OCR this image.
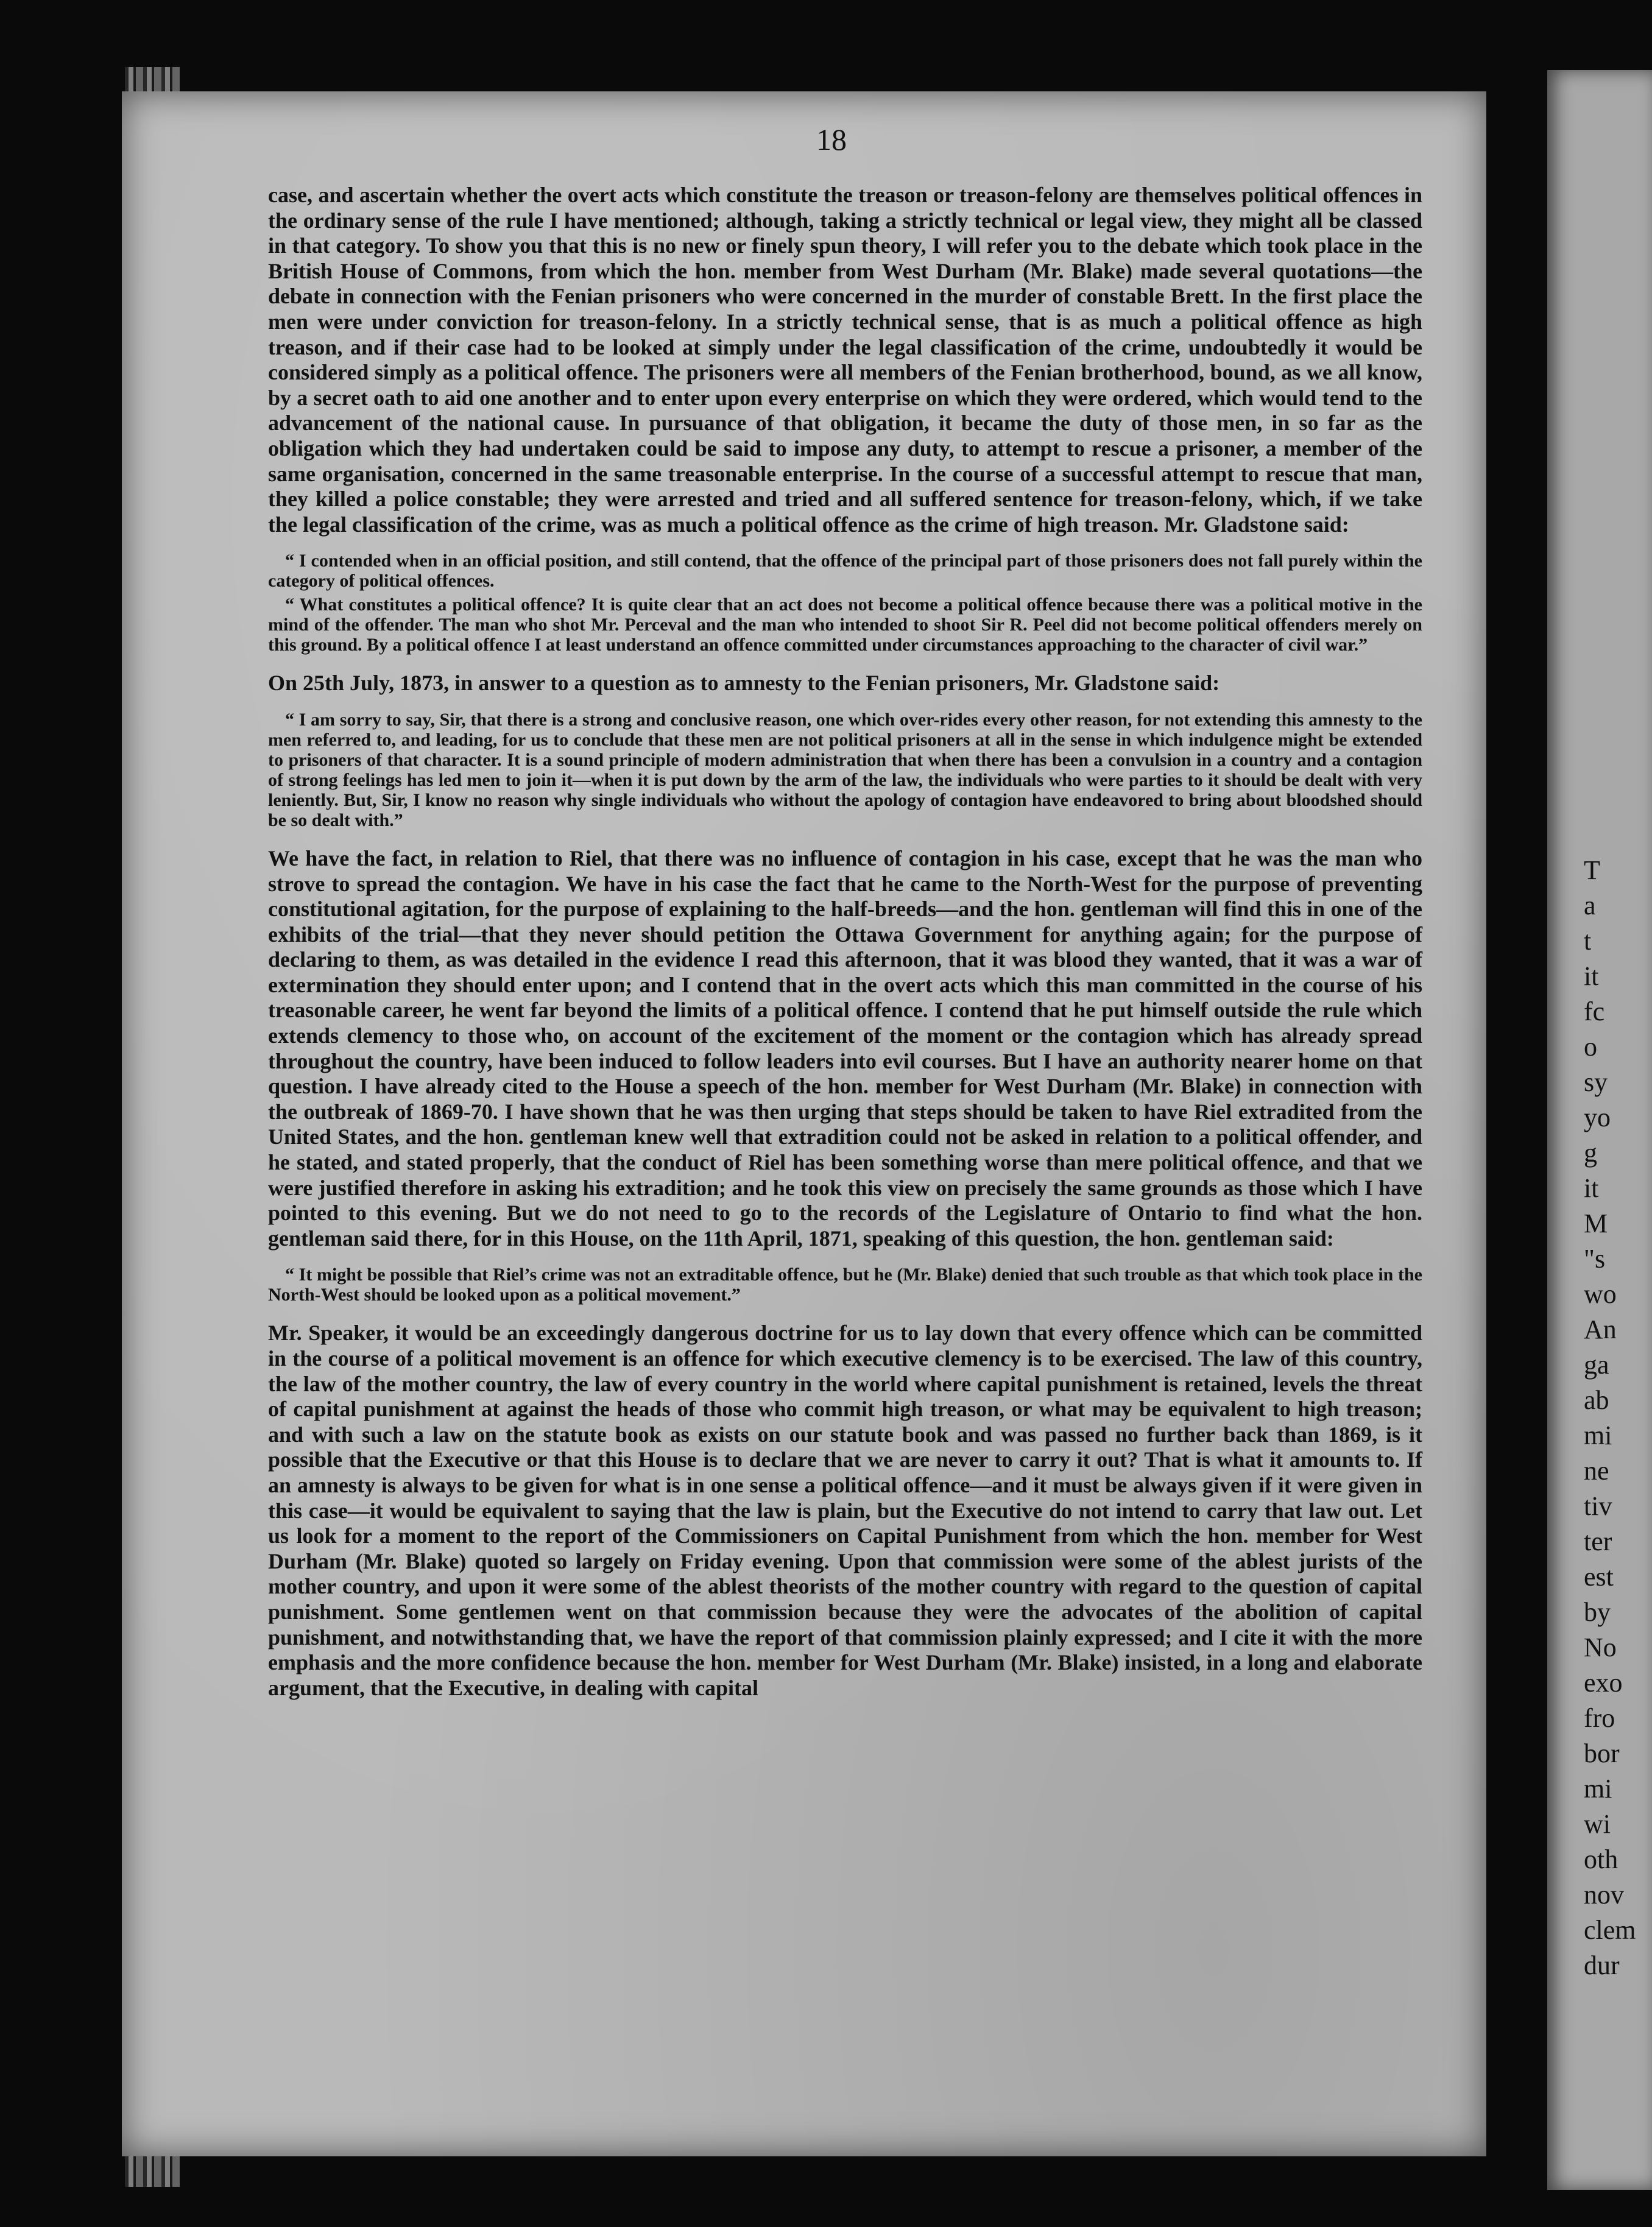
T
a
t
it
fc
o
sy
yo
g
it
M
"s
wo
An
ga
ab
mi
ne
tiv
ter
est
by
No
exo
fro
bor
mi
wi
oth
nov
clem
dur
18

case, and ascertain whether the overt acts which constitute the treason or treason-felony are themselves political offences in the ordinary sense of the rule I have mentioned; although, taking a strictly technical or legal view, they might all be classed in that category. To show you that this is no new or finely spun theory, I will refer you to the debate which took place in the British House of Commons, from which the hon. member from West Durham (Mr. Blake) made several quotations—the debate in connection with the Fenian prisoners who were concerned in the murder of constable Brett. In the first place the men were under conviction for treason-felony. In a strictly technical sense, that is as much a political offence as high treason, and if their case had to be looked at simply under the legal classification of the crime, undoubtedly it would be considered simply as a political offence. The prisoners were all members of the Fenian brotherhood, bound, as we all know, by a secret oath to aid one another and to enter upon every enterprise on which they were ordered, which would tend to the advancement of the national cause. In pursuance of that obligation, it became the duty of those men, in so far as the obligation which they had undertaken could be said to impose any duty, to attempt to rescue a prisoner, a member of the same organisation, concerned in the same treasonable enterprise. In the course of a successful attempt to rescue that man, they killed a police constable; they were arrested and tried and all suffered sentence for treason-felony, which, if we take the legal classification of the crime, was as much a political offence as the crime of high treason. Mr. Gladstone said:

“ I contended when in an official position, and still contend, that the offence of the principal part of those prisoners does not fall purely within the category of political offences.

“ What constitutes a political offence? It is quite clear that an act does not become a political offence because there was a political motive in the mind of the offender. The man who shot Mr. Perceval and the man who intended to shoot Sir R. Peel did not become political offenders merely on this ground. By a political offence I at least understand an offence committed under circumstances approaching to the character of civil war.”

On 25th July, 1873, in answer to a question as to amnesty to the Fenian prisoners, Mr. Gladstone said:

“ I am sorry to say, Sir, that there is a strong and conclusive reason, one which over-rides every other reason, for not extending this amnesty to the men referred to, and leading, for us to conclude that these men are not political prisoners at all in the sense in which indulgence might be extended to prisoners of that character. It is a sound principle of modern administration that when there has been a convulsion in a country and a contagion of strong feelings has led men to join it—when it is put down by the arm of the law, the individuals who were parties to it should be dealt with very leniently. But, Sir, I know no reason why single individuals who without the apology of contagion have endeavored to bring about bloodshed should be so dealt with.”

We have the fact, in relation to Riel, that there was no influence of contagion in his case, except that he was the man who strove to spread the contagion. We have in his case the fact that he came to the North-West for the purpose of preventing constitutional agitation, for the purpose of explaining to the half-breeds—and the hon. gentleman will find this in one of the exhibits of the trial—that they never should petition the Ottawa Government for anything again; for the purpose of declaring to them, as was detailed in the evidence I read this afternoon, that it was blood they wanted, that it was a war of extermination they should enter upon; and I contend that in the overt acts which this man committed in the course of his treasonable career, he went far beyond the limits of a political offence. I contend that he put himself outside the rule which extends clemency to those who, on account of the excitement of the moment or the contagion which has already spread throughout the country, have been induced to follow leaders into evil courses. But I have an authority nearer home on that question. I have already cited to the House a speech of the hon. member for West Durham (Mr. Blake) in connection with the outbreak of 1869-70. I have shown that he was then urging that steps should be taken to have Riel extradited from the United States, and the hon. gentleman knew well that extradition could not be asked in relation to a political offender, and he stated, and stated properly, that the conduct of Riel has been something worse than mere political offence, and that we were justified therefore in asking his extradition; and he took this view on precisely the same grounds as those which I have pointed to this evening. But we do not need to go to the records of the Legislature of Ontario to find what the hon. gentleman said there, for in this House, on the 11th April, 1871, speaking of this question, the hon. gentleman said:

“ It might be possible that Riel’s crime was not an extraditable offence, but he (Mr. Blake) denied that such trouble as that which took place in the North-West should be looked upon as a political movement.”

Mr. Speaker, it would be an exceedingly dangerous doctrine for us to lay down that every offence which can be committed in the course of a political movement is an offence for which executive clemency is to be exercised. The law of this country, the law of the mother country, the law of every country in the world where capital punishment is retained, levels the threat of capital punishment at against the heads of those who commit high treason, or what may be equivalent to high treason; and with such a law on the statute book as exists on our statute book and was passed no further back than 1869, is it possible that the Executive or that this House is to declare that we are never to carry it out? That is what it amounts to. If an amnesty is always to be given for what is in one sense a political offence—and it must be always given if it were given in this case—it would be equivalent to saying that the law is plain, but the Executive do not intend to carry that law out. Let us look for a moment to the report of the Commissioners on Capital Punishment from which the hon. member for West Durham (Mr. Blake) quoted so largely on Friday evening. Upon that commission were some of the ablest jurists of the mother country, and upon it were some of the ablest theorists of the mother country with regard to the question of capital punishment. Some gentlemen went on that commission because they were the advocates of the abolition of capital punishment, and notwithstanding that, we have the report of that commission plainly expressed; and I cite it with the more emphasis and the more confidence because the hon. member for West Durham (Mr. Blake) insisted, in a long and elaborate argument, that the Executive, in dealing with capital
